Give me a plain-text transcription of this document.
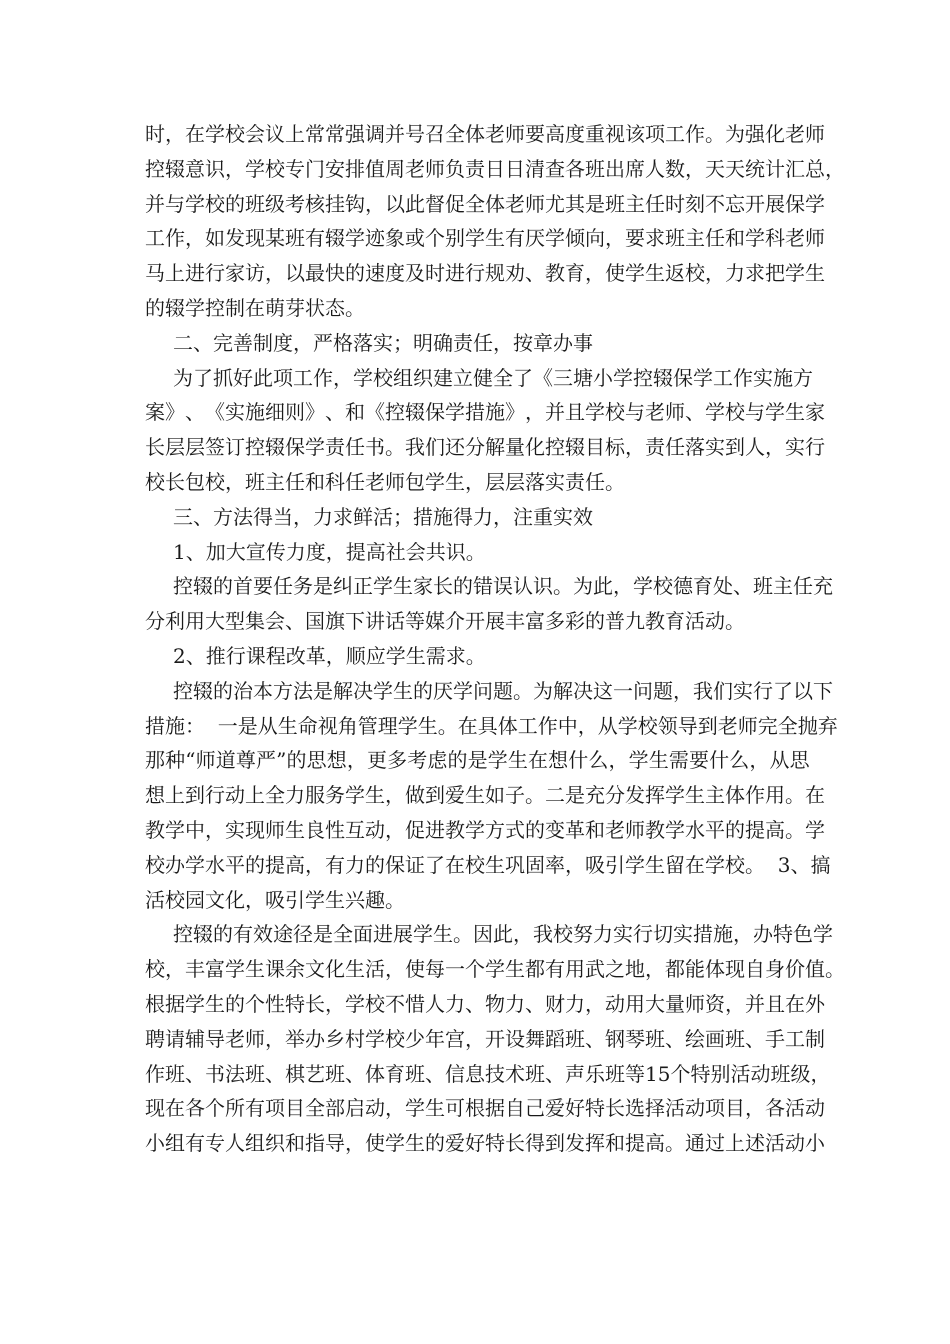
时 ， 在 学 校 会 议 上 常 常 强 调 并 号 召 全 体 老 师 要 高 度 重 视 该 项 工 作 。 为 强 化 老 师
控 辍 意 识 ， 学 校 专 门 安 排 值 周 老 师 负 责 日 日 清 查 各 班 出 席 人 数 ， 天 天 统 计 汇 总 ，
并 与 学 校 的 班 级 考 核 挂 钩 ， 以 此 督 促 全 体 老 师 尤 其 是 班 主 任 时 刻 不 忘 开 展 保 学
工 作 ， 如 发 现 某 班 有 辍 学 迹 象 或 个 别 学 生 有 厌 学 倾 向 ， 要 求 班 主 任 和 学 科 老 师
马 上 进 行 家 访 ， 以 最 快 的 速 度 及 时 进 行 规 劝 、 教 育 ， 使 学 生 返 校 ， 力 求 把 学 生
的辍学控制在萌芽状态。
二、完善制度，严格落实；明确责任，按章办事
为 了 抓 好 此 项 工 作 ， 学 校 组 织 建 立 健 全 了 《 三 塘 小 学 控 辍 保 学 工 作 实 施 方
案 》 、 《 实 施 细 则 》 、 和 《 控 辍 保 学 措 施 》 ， 并 且 学 校 与 老 师 、 学 校 与 学 生 家
长 层 层 签 订 控 辍 保 学 责 任 书 。 我 们 还 分 解 量 化 控 辍 目 标 ， 责 任 落 实 到 人 ， 实 行
校长包校，班主任和科任老师包学生，层层落实责任。
三、方法得当，力求鲜活；措施得力，注重实效
1、加大宣传力度，提高社会共识。
控 辍 的 首 要 任 务 是 纠 正 学 生 家 长 的 错 误 认 识 。 为 此 ， 学 校 德 育 处 、 班 主 任 充
分利用大型集会、国旗下讲话等媒介开展丰富多彩的普九教育活动。
2、推行课程改革，顺应学生需求。
控 辍 的 治 本 方 法 是 解 决 学 生 的 厌 学 问 题 。 为 解 决 这 一 问 题 ， 我 们 实 行 了 以 下
措 施 ：

一 是 从 生 命 视 角 管 理 学 生 。 在 具 体 工 作 中 ， 从 学 校 领 导 到 老 师 完 全 抛 弃
那 种 “ 师 道 尊 严 ” 的 思 想 ， 更 多 考 虑 的 是 学 生 在 想 什 么 ， 学 生 需 要 什 么 ， 从 思
想 上 到 行 动 上 全 力 服 务 学 生 ， 做 到 爱 生 如 子 。 二 是 充 分 发 挥 学 生 主 体 作 用 。 在
教 学 中 ， 实 现 师 生 良 性 互 动 ， 促 进 教 学 方 式 的 变 革 和 老 师 教 学 水 平 的 提 高 。 学
校 办 学 水 平 的 提 高 ， 有 力 的 保 证 了 在 校 生 巩 固 率 ， 吸 引 学 生 留 在 学 校 。

3 、 搞
活校园文化，吸引学生兴趣。
控 辍 的 有 效 途 径 是 全 面 进 展 学 生 。 因 此 ， 我 校 努 力 实 行 切 实 措 施 ， 办 特 色 学
校 ， 丰 富 学 生 课 余 文 化 生 活 ， 使 每 一 个 学 生 都 有 用 武 之 地 ， 都 能 体 现 自 身 价 值 。
根 据 学 生 的 个 性 特 长 ， 学 校 不 惜 人 力 、 物 力 、 财 力 ， 动 用 大 量 师 资 ， 并 且 在 外
聘 请 辅 导 老 师 ， 举 办 乡 村 学 校 少 年 宫 ， 开 设 舞 蹈 班 、 钢 琴 班 、 绘 画 班 、 手 工 制
作 班 、 书 法 班 、 棋 艺 班 、 体 育 班 、 信 息 技 术 班 、 声 乐 班 等 1 5 个 特 别 活 动 班 级 ，
现 在 各 个 所 有 项 目 全 部 启 动 ， 学 生 可 根 据 自 己 爱 好 特 长 选 择 活 动 项 目 ， 各 活 动
小 组 有 专 人 组 织 和 指 导 ， 使 学 生 的 爱 好 特 长 得 到 发 挥 和 提 高 。 通 过 上 述 活 动 小
